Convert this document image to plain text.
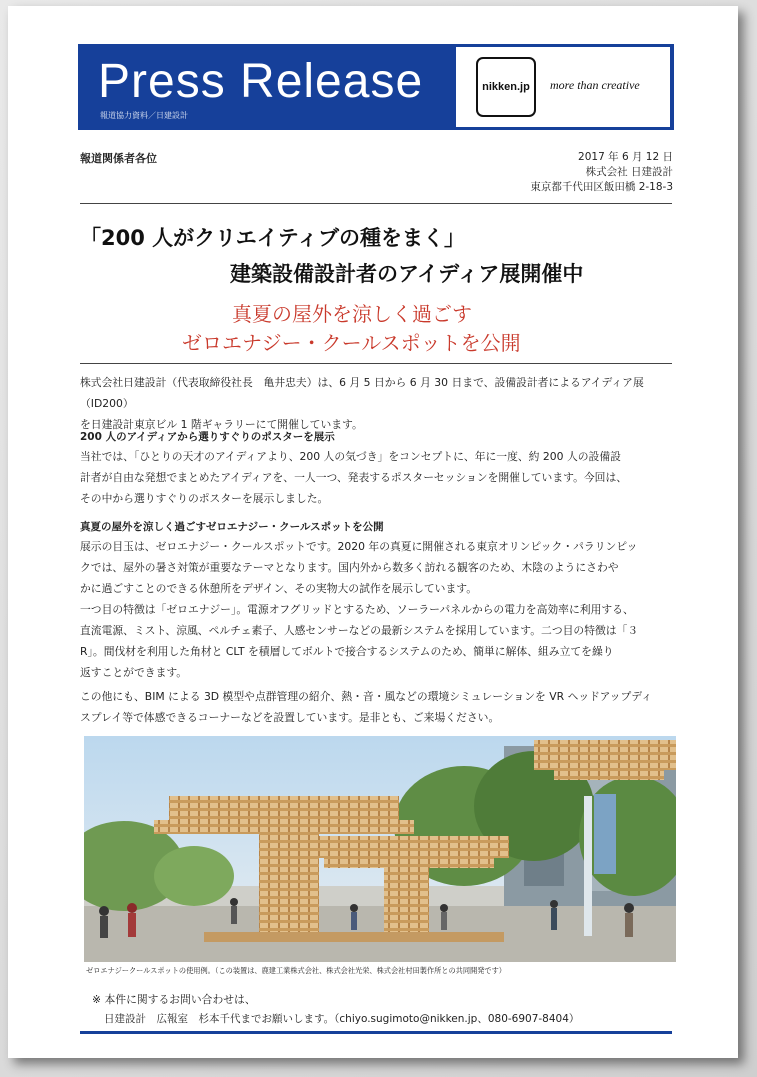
Press Release
報道協力資料／日建設計
nikken.jp	more than creative
報道関係者各位	2017 年 6 月 12 日
株式会社 日建設計
東京都千代田区飯田橋 2-18-3
「200 人がクリエイティブの種をまく」
建築設備設計者のアイディア展開催中
真夏の屋外を涼しく過ごす
ゼロエナジー・クールスポットを公開
株式会社日建設計（代表取締役社長　亀井忠夫）は、6 月 5 日から 6 月 30 日まで、設備設計者によるアイディア展（ID200）
を日建設計東京ビル 1 階ギャラリーにて開催しています。
200 人のアイディアから選りすぐりのポスターを展示
当社では、「ひとりの天才のアイディアより、200 人の気づき」をコンセプトに、年に一度、約 200 人の設備設
計者が自由な発想でまとめたアイディアを、一人一つ、発表するポスターセッションを開催しています。今回は、
その中から選りすぐりのポスターを展示しました。
真夏の屋外を涼しく過ごすゼロエナジー・クールスポットを公開
展示の目玉は、ゼロエナジー・クールスポットです。2020 年の真夏に開催される東京オリンピック・パラリンピッ
クでは、屋外の暑さ対策が重要なテーマとなります。国内外から数多く訪れる観客のため、木陰のようにさわや
かに過ごすことのできる休憩所をデザイン、その実物大の試作を展示しています。
一つ目の特徴は「ゼロエナジー」。電源オフグリッドとするため、ソーラーパネルからの電力を高効率に利用する、
直流電源、ミスト、涼風、ペルチェ素子、人感センサーなどの最新システムを採用しています。二つ目の特徴は「３
R」。間伐材を利用した角材と CLT を積層してボルトで接合するシステムのため、簡単に解体、組み立てを繰り
返すことができます。
この他にも、BIM による 3D 模型や点群管理の紹介、熱・音・風などの環境シミュレーションを VR ヘッドアップディ
スプレイ等で体感できるコーナーなどを設置しています。是非とも、ご来場ください。
ゼロエナジークールスポットの使用例。（この装置は、鹿建工業株式会社、株式会社光栄、株式会社村田製作所との共同開発です）
※ 本件に関するお問い合わせは、
日建設計　広報室　杉本千代までお願いします。（chiyo.sugimoto@nikken.jp、080-6907-8404）
